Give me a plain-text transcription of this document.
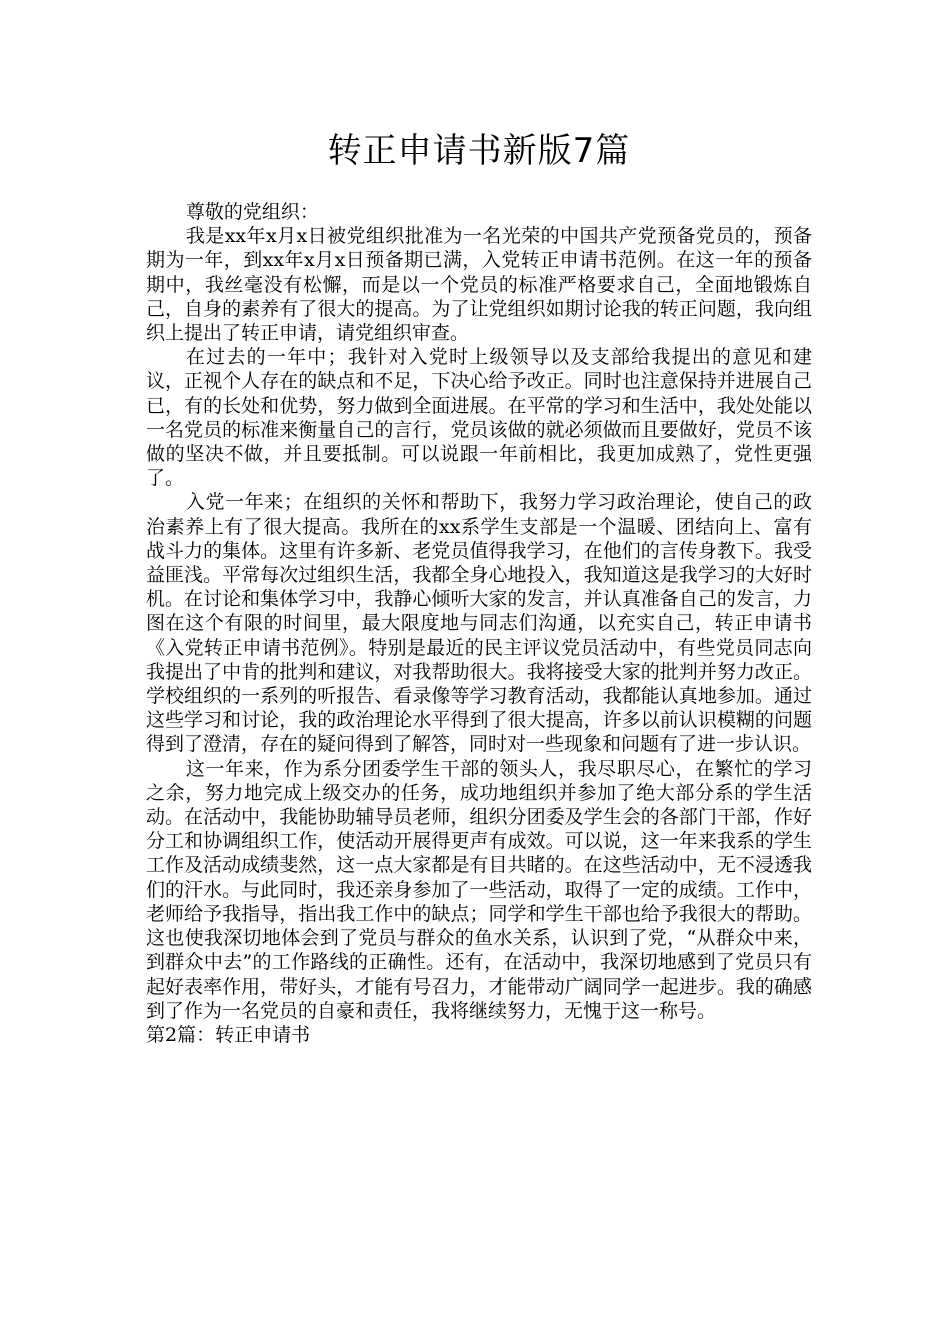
转正申请书新版7篇

尊敬的党组织：

我是xx年x月x日被党组织批准为一名光荣的中国共产党预备党员的，预备期为一年，到xx年x月x日预备期已满，入党转正申请书范例。在这一年的预备期中，我丝毫没有松懈，而是以一个党员的标准严格要求自己，全面地锻炼自己，自身的素养有了很大的提高。为了让党组织如期讨论我的转正问题，我向组织上提出了转正申请，请党组织审查。

在过去的一年中；我针对入党时上级领导以及支部给我提出的意见和建议，正视个人存在的缺点和不足，下决心给予改正。同时也注意保持并进展自己已，有的长处和优势，努力做到全面进展。在平常的学习和生活中，我处处能以一名党员的标准来衡量自己的言行，党员该做的就必须做而且要做好，党员不该做的坚决不做，并且要抵制。可以说跟一年前相比，我更加成熟了，党性更强了。

入党一年来；在组织的关怀和帮助下，我努力学习政治理论，使自己的政治素养上有了很大提高。我所在的xx系学生支部是一个温暖、团结向上、富有战斗力的集体。这里有许多新、老党员值得我学习，在他们的言传身教下。我受益匪浅。平常每次过组织生活，我都全身心地投入，我知道这是我学习的大好时机。在讨论和集体学习中，我静心倾听大家的发言，并认真准备自己的发言，力图在这个有限的时间里，最大限度地与同志们沟通，以充实自己，转正申请书《入党转正申请书范例》。特别是最近的民主评议党员活动中，有些党员同志向我提出了中肯的批判和建议，对我帮助很大。我将接受大家的批判并努力改正。学校组织的一系列的听报告、看录像等学习教育活动，我都能认真地参加。通过这些学习和讨论，我的政治理论水平得到了很大提高，许多以前认识模糊的问题得到了澄清，存在的疑问得到了解答，同时对一些现象和问题有了进一步认识。

这一年来，作为系分团委学生干部的领头人，我尽职尽心，在繁忙的学习之余，努力地完成上级交办的任务，成功地组织并参加了绝大部分系的学生活动。在活动中，我能协助辅导员老师，组织分团委及学生会的各部门干部，作好分工和协调组织工作，使活动开展得更声有成效。可以说，这一年来我系的学生工作及活动成绩斐然，这一点大家都是有目共睹的。在这些活动中，无不浸透我们的汗水。与此同时，我还亲身参加了一些活动，取得了一定的成绩。工作中，老师给予我指导，指出我工作中的缺点；同学和学生干部也给予我很大的帮助。这也使我深切地体会到了党员与群众的鱼水关系，认识到了党，“从群众中来，到群众中去”的工作路线的正确性。还有，在活动中，我深切地感到了党员只有起好表率作用，带好头，才能有号召力，才能带动广阔同学一起进步。我的确感到了作为一名党员的自豪和责任，我将继续努力，无愧于这一称号。

第2篇：转正申请书
